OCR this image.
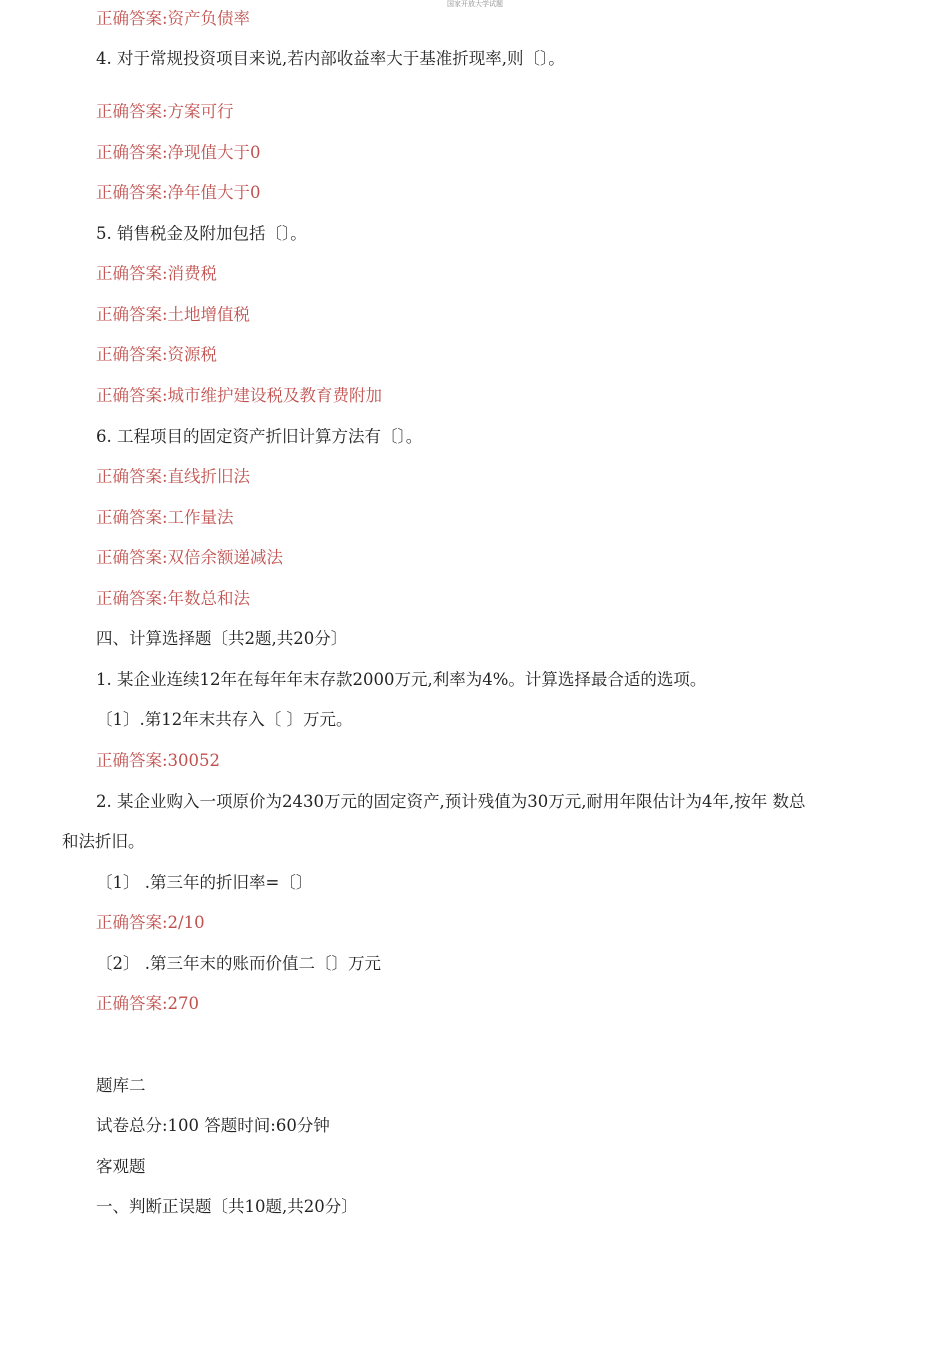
国家开放大学试题
正确答案:资产负债率
4. 对于常规投资项目来说,若内部收益率大于基准折现率,则〔〕。
正确答案:方案可行
正确答案:净现值大于0
正确答案:净年值大于0
5. 销售税金及附加包括〔〕。
正确答案:消费税
正确答案:土地增值税
正确答案:资源税
正确答案:城市维护建设税及教育费附加
6. 工程项目的固定资产折旧计算方法有〔〕。
正确答案:直线折旧法
正确答案:工作量法
正确答案:双倍余额递减法
正确答案:年数总和法
四、计算选择题〔共2题,共20分〕
1. 某企业连续12年在每年年末存款2000万元,利率为4%。计算选择最合适的选项。
〔1〕.第12年末共存入〔 〕万元。
正确答案:30052
2. 某企业购入一项原价为2430万元的固定资产,预计残值为30万元,耐用年限估计为4年,按年 数总
和法折旧。
〔1〕 .第三年的折旧率=〔〕
正确答案:2/10
〔2〕 .第三年末的账而价值二〔〕万元
正确答案:270
题库二
试卷总分:100 答题时间:60分钟
客观题
一、判断正误题〔共10题,共20分〕
